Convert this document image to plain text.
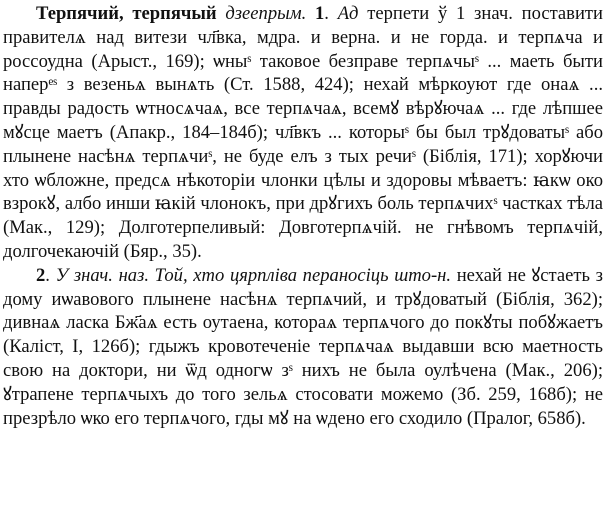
Терпячий, терпячый дзеeпрым. 1. Ад терпети ў 1 знач. поставити правителѧ над витези чл҃вка, мдра. и верна. и не горда. и терпѧча и россоудна (Арыст., 169); ѡныˢ таковое безправе терпѧчыˢ ... маеть быти наперᵉˢ з везеньѧ вынѧть (Ст. 1588, 424); нехай мѣркоуют где онаѧ ... правды радость ѡтносѧчаѧ, все терпѧчаѧ, всемꙋ вѣрꙋючаѧ ... где лѣпшее мꙋсце маетъ (Апакр., 184–184б); чл҃вкъ ... которыˢ бы был трꙋдоватыˢ або плынене насѣнѧ терпѧчиˢ, не буде елъ з тых речиˢ (Біблія, 171); хорꙋючи хто ѡбложне, предсѧ нѣкоторіи члонки цѣлы и здоровы мѣваетъ: ꙗкѡ око взрокꙋ, албо инши ꙗкій члонокъ, при дрꙋгихъ боль терпѧчихˢ частках тѣла (Мак., 129); Долготерпеливый: Довготерпѧчій. не гнѣвомъ терпѧчій, долгочекаючій (Бяр., 35).

2. У знач. наз. Той, хто цярпліва пераносіць што-н. нехай не ꙋстаеть з дому иѡавового плынене насѣнѧ терпѧчий, и трꙋдоватый (Біблія, 362); дивнаѧ ласка Бж҃аѧ есть оутаена, котораѧ терпѧчого до покꙋты побꙋжаетъ (Каліст, І, 126б); гдыжъ кровотеченіе терпѧчаѧ выдавши всю маетность свою на доктори, ни ѿд одногѡ зˢ нихъ не была оулѣчена (Мак., 206); ꙋтрапене терпѧчыхъ до того зельѧ стосовати можемо (Зб. 259, 168б); не презрѣло ѡко его терпѧчого, гды мꙋ на ѡдено его сходило (Пралог, 658б).
